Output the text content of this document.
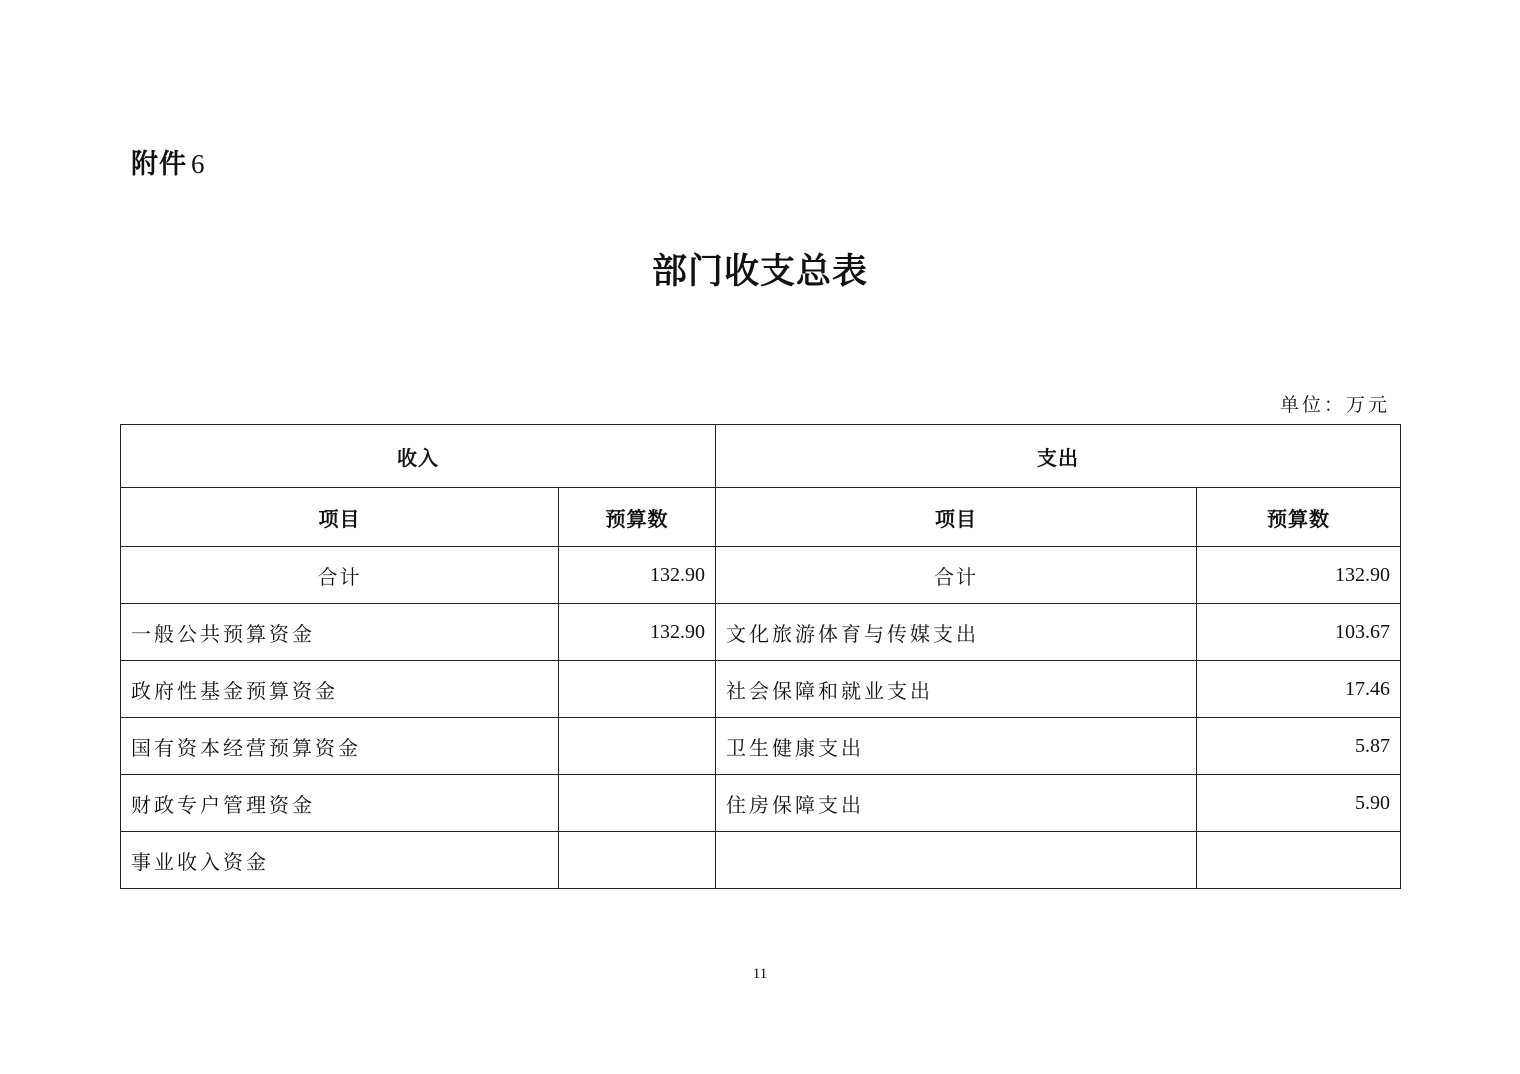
附件 6
部门收支总表
单位：万元
收入		支出	
项目	预算数	项目	预算数
合计	132.90	合计	132.90
一般公共预算资金	132.90	文化旅游体育与传媒支出	103.67
政府性基金预算资金		社会保障和就业支出	17.46
国有资本经营预算资金		卫生健康支出	5.87
财政专户管理资金		住房保障支出	5.90
事业收入资金			
11
